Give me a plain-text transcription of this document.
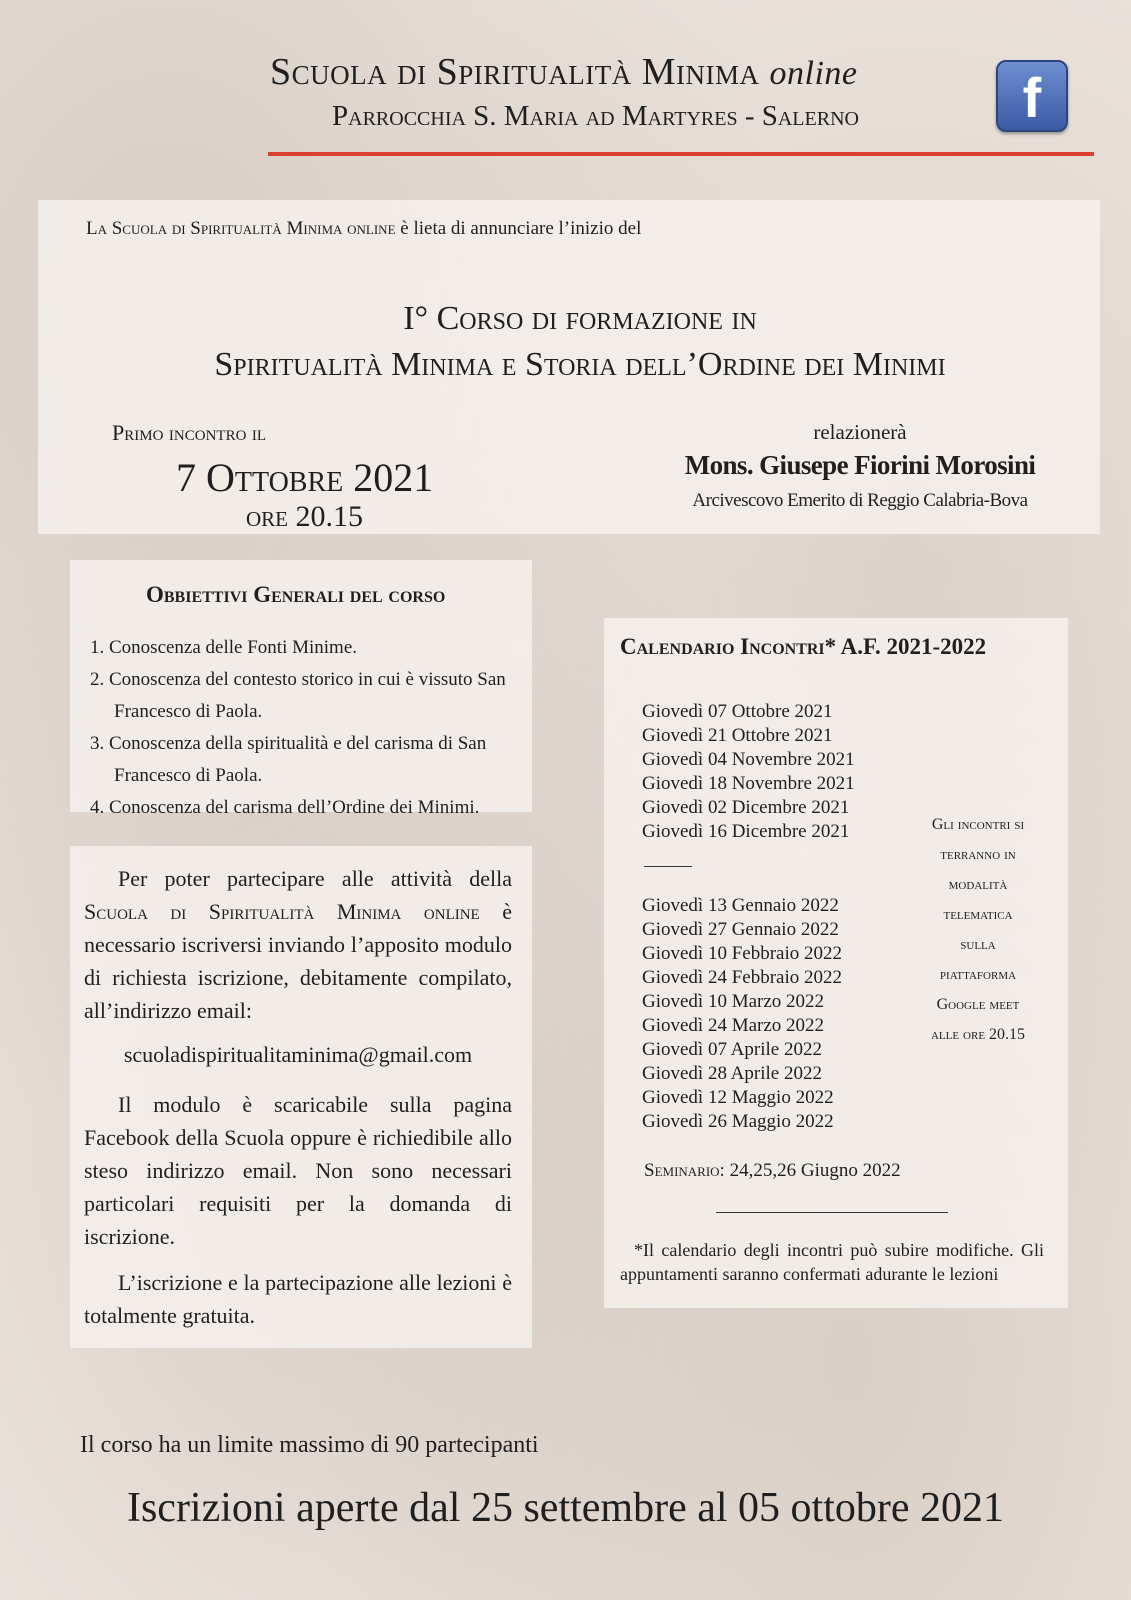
Scuola di Spiritualità Minima online
Parrocchia S. Maria ad Martyres - Salerno	f
La Scuola di Spiritualità Minima online è lieta di annunciare l’inizio del
I° Corso di formazione in
Spiritualità Minima e Storia dell’Ordine dei Minimi
Primo incontro il
7 Ottobre 2021
ore 20.15
relazionerà
Mons. Giusepe Fiorini Morosini
Arcivescovo Emerito di Reggio Calabria-Bova
Obbiettivi Generali del corso
1. Conoscenza delle Fonti Minime.
2. Conoscenza del contesto storico in cui è vissuto San Francesco di Paola.
3. Conoscenza della spiritualità e del carisma di San Francesco di Paola.
4. Conoscenza del carisma dell’Ordine dei Minimi.

Per poter partecipare alle attività della Scuola di Spiritualità Minima online è necessario iscriversi inviando l’apposito modulo di richiesta iscrizione, debitamente compilato, all’indirizzo email:

scuoladispiritualitaminima@gmail.com

Il modulo è scaricabile sulla pagina Facebook della Scuola oppure è richiedibile allo steso indirizzo email. Non sono necessari particolari requisiti per la domanda di iscrizione.

L’iscrizione e la partecipazione alle lezioni è totalmente gratuita.

Calendario Incontri* A.F. 2021-2022
Giovedì 07 Ottobre 2021
Giovedì 21 Ottobre 2021
Giovedì 04 Novembre 2021
Giovedì 18 Novembre 2021
Giovedì 02 Dicembre 2021
Giovedì 16 Dicembre 2021
Giovedì 13 Gennaio 2022
Giovedì 27 Gennaio 2022
Giovedì 10 Febbraio 2022
Giovedì 24 Febbraio 2022
Giovedì 10 Marzo 2022
Giovedì 24 Marzo 2022
Giovedì 07 Aprile 2022
Giovedì 28 Aprile 2022
Giovedì 12 Maggio 2022
Giovedì 26 Maggio 2022
Gli incontri si
terranno in
modalità
telematica
sulla
piattaforma
Google meet
alle ore 20.15
Seminario: 24,25,26 Giugno 2022

*Il calendario degli incontri può subire modifiche. Gli appuntamenti saranno confermati adurante le lezioni

Il corso ha un limite massimo di 90 partecipanti
Iscrizioni aperte dal 25 settembre al 05 ottobre 2021
